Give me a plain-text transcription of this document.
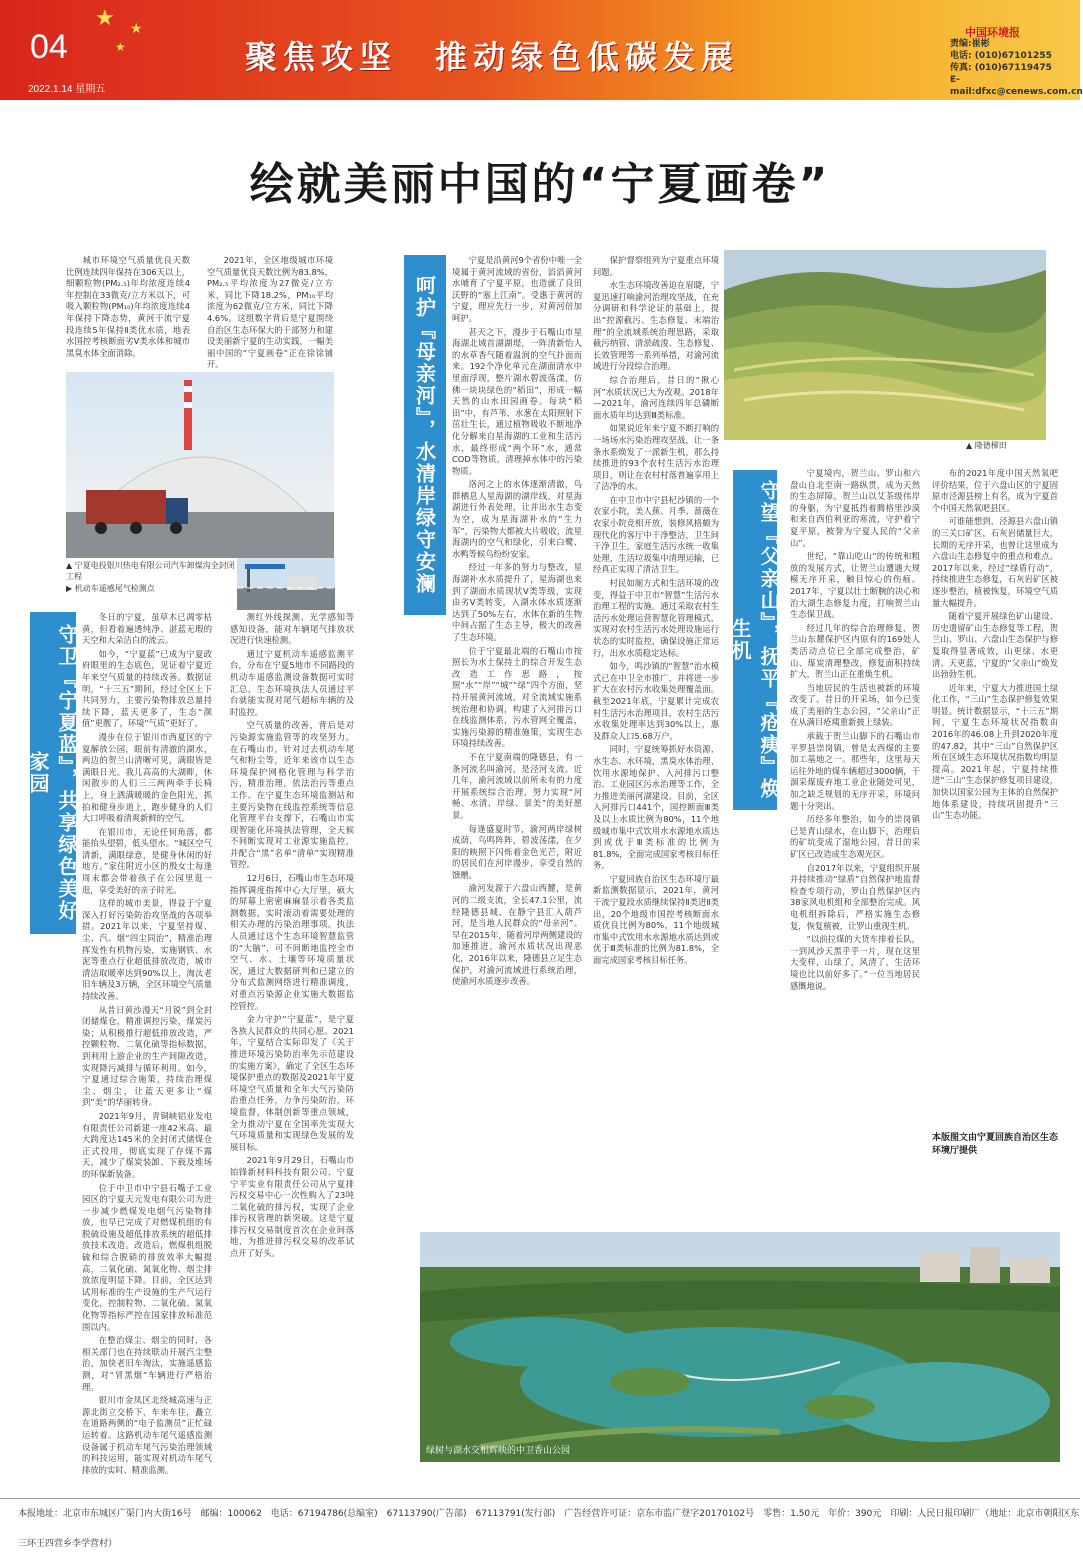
★ ★
★
04
2022.1.14 星期五
聚焦攻坚　推动绿色低碳发展
中国环境报
责编:崔彬
电话: (010)67101255
传真: (010)67119475
E-mail:dfxc@cenews.com.cn
绘就美丽中国的“宁夏画卷”

城市环境空气质量优良天数比例连续四年保持在306天以上，细颗粒物(PM₂.₅)年均浓度连续4年控制在33微克/立方米以下，可吸入颗粒物(PM₁₀)年均浓度连续4年保持下降态势，黄河干流宁夏段连续5年保持Ⅱ类优水质，地表水国控考核断面劣Ⅴ类水体和城市黑臭水体全面消除。

2021年，全区地级城市环境空气质量优良天数比例为83.8%，PM₂.₅平均浓度为27微克/立方米，同比下降18.2%，PM₁₀平均浓度为62微克/立方米，同比下降4.6%。这组数字背后是宁夏围绕自治区生态环保大的干部努力和建设美丽新宁夏的生动实践，一幅美丽中国的“宁夏画卷”正在徐徐铺开。

▲ 宁夏电投银川热电有限公司汽车卸煤沟全封闭工程
▶ 机动车遥感尾气检测点
守卫『宁夏蓝』，共享绿色美好家园

冬日的宁夏，虽草木已凋零枯黄，但看着遍透纯净、湛蓝无瑕的天空和大朵洁白的流云。

如今，“宁夏蓝”已成为宁夏政府眼里的生态底色，见证着宁夏近年来空气质量的持续改善。数据证明，“十三五”期间，经过全区上下共同努力，主要污染物排放总量持续下降，蓝天更多了，生态“颜值”更靓了，环境“气质”更好了。

漫步在位于银川市西夏区的宁夏解放公园，眼前有清澈的湖水，两边的贺兰山清晰可见，满眼皆是满眼日光。我儿高高的大湖畔，休闲散步的人们三三两两牵手长椅上，身上洒满暖暖的金色阳光，抓拍和健身步道上，跑步健身的人们大口呼吸着清爽新鲜的空气。

在银川市，无论任何角落，都能抬头望碧，低头望水。“城区空气清新，满眼绿意，是健身休闲的好地方。”家住附近小区的殷女士每逢周末都会带着孩子在公园里逛一逛，享受美好的亲子时光。

这样的城市美景，得益于宁夏深入打好污染防治攻坚战的各项举措。2021年以来，宁夏坚持煤、尘、汽、烟“四尘同治”，精准治理挥发性有机物污染，实施钢铁、水泥等重点行业超低排放改造，城市清洁取暖率达到90%以上，淘汰老旧车辆及3万辆，全区环境空气质量持续改善。

从昔日黄沙漫天“月锐”到全封闭储煤仓，精准调控污染，煤炭污染；从积极推行超低排放改造，严控颗粒物、二氧化硫等指标数据，到利用上游企业的生产间隙改造，实现降污减排与循环利用。如今，宁夏通过综合施策，持续治理煤尘、烟尘，让蓝天更多让“煤到”美“的华丽转身。

2021年9月，青铜峡铝业发电有限责任公司新建一座42米高、最大跨度达145米的全封闭式储煤仓正式投用，彻底实现了存煤不露天，减少了煤炭装卸、下载及堆场的环保新装备。

位于中卫市中宁县石嘴子工业园区的宁夏天元发电有限公司为进一步减少燃煤发电烟气污染物排放，也早已完成了对燃煤机组的有脱硫设施及超低排放系统的超低排放技术改造。改造后，燃煤机组脱硫和综合脱硝的排放效率大幅提高，二氧化硫、氮氧化物、烟尘排放浓度明显下降。目前，全区达到试用标准的生产设施的生产气运行变化，控制粒物、二氧化硫、氮氧化物等指标严控在国家排放标准范围以内。

在整治煤尘、烟尘的同时，各相关部门也在持续联动开展汽尘整治，加快老旧车淘汰，实施遥感监测，对“冒黑烟”车辆进行严格治理。

银川市金凤区北绕城高速与正源北街立交桥下，车来车往，矗立在道路两侧的“电子监测员”正忙碌运转着。这路机动车尾气遥感监测设备属于机动车尾气污染治理领域的科技运用，能实现对机动车尾气排放的实时、精准监测。

测红外线探测、光学感知等感知设备，能对车辆尾气排放状况进行快速检测。

通过宁夏机动车遥感监测平台，分布在宁夏5地市不同路段的机动车遥感监测设备数据可实时汇总，生态环境执法人员通过平台就能实现对尾气超标车辆的及时监控。

空气质量的改善，背后是对污染源实施监管等的攻坚努力。在石嘴山市，针对过去机动车尾气和粉尘等，近年来该市以生态环境保护网格化管理与科学治污，精准治理，依法治污等重点工作。在宁夏生态环境监测站和主要污染物在线监控系统等信息化管理平台支撑下，石嘴山市实现智能化环境执法管理，全天候不间断实现对工业源实施监控，并配合“黑”名单“清单”实现精准管控。

12月6日，石嘴山市生态环境指挥调度指挥中心大厅里，硕大的屏幕上密密麻麻显示着各类监测数据，实时滚动着需要处理的相关办理的污染治理事项。执法人员通过这个生态环境智慧监管的“大脑”，可不间断地监控全市空气、水、土壤等环境质量状况，通过大数据研判和已建立的分布式监测网络进行精准调度，对重点污染源企业实施大数据监控管控。

金力守护“宁夏蓝”，是宁夏各族人民群众的共同心愿。2021年，宁夏结合实际印发了《关于推进环境污染防治率先示范建设的实施方案》，确定了全区生态环境保护重点的数据及2021年宁夏环境空气质量和全年大气污染防治重点任务，力争污染防治，环境监督，体制创新等重点领域，全力推动宁夏在全国率先实现大气环境质量和实现绿色发展的发展目标。

2021年9月29日，石嘴山市铂锋新材料科技有限公司、宁夏宁平实业有限责任公司从宁夏排污权交易中心一次性购入了23吨二氧化硫的排污权，实现了企业排污权管理的新突破。这是宁夏排污权交易制度首次在企业间落地，为推进排污权交易的改革试点开了好头。

呵护『母亲河』，水清岸绿守安澜

宁夏是沿黄河9个省份中唯一全境属于黄河流域的省份，滔滔黄河水哺育了宁夏平原，也造就了良田沃野的“塞上江南”。受惠于黄河的宁夏，理应先行一步，对黄河倍加呵护。

甚天之下，漫步于石嘴山市星海湖北域首湖湖堤，一阵清新怡人的水草香气随着温润的空气扑面而来。192个净化单元在湖面清水中里面浮现，整片湖水碧波荡漾，仿佛一块块绿色的“稻田”，形成一幅天然的山水田园画卷。每块“稻田”中，有芦苇、水葱在太阳照射下茁壮生长，通过植物吸收不断地净化分解来自星海湖的工业和生活污水，最终形成“两个环”水，通常COD等物质，清理掉水体中的污染物质。

洛河之上的水体逐渐清澈，鸟群栖息人星海湖的湖岸线，对星海湖进行外表处理，让并出水生态变为空，成为星海湖补水的“生力军”，污染物大都被大片吸收，流星海湖内的空气和绿化，引来白鹭、水鸭等候鸟纷纷安家。

经过一年多的努力与整改，星海湖补水水质提升了，星海湖也来到了湖面水质现状V类等级，实现由劣V类转变，入湖水体水质逐渐达到了50%左右，水体在新的生物中间占据了生态主导，极大的改善了生态环境。

位于宁夏最北端的石嘴山市按照长为水土保持土的综合开发生态改造工作思路，按照“水”“岸”“城”“绿”四个方面，坚持开展黄河流域，对全流域实施系统治理和协调，构建了入河排污口在线监测体系，污水管网全覆盖，实施污染源的精准施策，实现生态环境持续改善。

不在宁夏南端的隆德县，有一条河流名叫渝河，是泾河支流。近几年，渝河流域以前所未有的力度开展系统综合治理，努力实现“河畅、水清、岸绿、景美”的美好愿景。

每逢盛夏时节，渝河两岸绿树成荫，鸟鸣阵阵，碧波荡漾，在夕阳的映照下闪烁着金色光芒，附近的居民们在河岸漫步，享受自然的馈赠。

渝河发源于六盘山西麓，是黄河的二级支流，全长47.1公里，流经隆德县城，在静宁县汇入葫芦河，是当地人民群众的“母亲河”。早在2015年，随着河岸两侧建设的加速推进，渝河水质状况出现恶化，2016年以来，隆德县立足生态保护，对渝河流域进行系统治理，使渝河水质逐步改善。

保护督察组列为宁夏重点环境问题。

水生态环境改善迫在眉睫，宁夏迅速打响渝河治理攻坚战，在充分调研和科学论证的基础上，提出“控源截污、生态修复、末端治理”的全流域系统治理思路，采取截污纳管、清淤疏浚、生态修复、长效管理等一系列举措，对渝河流域进行分段综合治理。

综合治理后，昔日的“揪心河”水质状况已大为改观。2018年—2021年，渝河连续四年总磷断面水质年均达到Ⅲ类标准。

如果说近年来宁夏不断打响的一场场水污染治理攻坚战，让一条条水系焕发了一派新生机，那么持续推进的93个农村生活污水治理项目，则让在农村村落普遍享用上了洁净的水。

在中卫市中宁县杞沙镇的一个农家小院，美人蕉、月季、蔷薇在农家小院竞相开放，装修风格颇为现代化的客厅中干净整洁，卫生间干净卫生，家庭生活污水统一收集处理，生活垃圾集中清理运输，已经真正实现了清洁卫生。

村民如厕方式和生活环境的改变，得益于中卫市“智慧”生活污水治理工程的实施。通过采取农村生活污水处理运营智慧化管理模式，实现对农村生活污水处理设施运行状态的实时监控，确保设施正常运行，出水水质稳定达标。

如今，鸣沙镇的“智慧”治水模式已在中卫全市推广，并将进一步扩大在农村污水收集处理覆盖面。截至2021年底，宁夏累计完成农村生活污水治理项目，农村生活污水收集处理率达到30%以上，惠及群众人口5.68万户。

同时，宁夏统筹抓好水资源、水生态、水环境，黑臭水体治理、饮用水源地保护、入河排污口整治、工业园区污水治理等工作，全力推进美丽河湖建设。目前，全区入河排污口441个，国控断面Ⅲ类及以上水质比例为80%，11个地级城市集中式饮用水水源地水质达到或优于Ⅲ类标准的比例为81.8%，全面完成国家考核目标任务。

宁夏回族自治区生态环境厅最新监测数据显示，2021年，黄河干流宁夏段水质继续保持Ⅱ类进Ⅱ类出，20个地级市国控考核断面水质优良比例为80%，11个地级城市集中式饮用水水源地水质达到或优于Ⅲ类标准的比例为81.8%，全面完成国家考核目标任务。

▲ 隆德梯田
守望『父亲山』，抚平『疮痍』焕生机

宁夏境内，贺兰山、罗山和六盘山自北至南一路纵贯，成为天然的生态屏障。贺兰山以艾茶级伟岸的身躯，为宁夏抵挡着腾格里沙漠和来自西伯利亚的寒流，守护着宁夏平原，被誉为宁夏人民的“父亲山”。

世纪，“靠山吃山”的传统和粗放的发展方式，让贺兰山遭遇大规模无序开采，触目惊心的伤痕。2017年，宁夏以壮士断腕的决心和治大湖生态修复力度，打响贺兰山生态保卫战。

经过几年的综合治理修复，贺兰山东麓保护区内原有的169处人类活动点位已全部完成整治，矿山、煤炭清理整改，修复面积持续扩大，贺兰山正在重焕生机。

当地居民的生活也被新的环境改变了。昔日的开采场，如今已变成了美丽的生态公园，“父亲山”正在从满目疮痍重新披上绿装。

承载于贺兰山脚下的石嘴山市平罗县崇岗镇，曾是太西煤的主要加工基地之一。那些年，这里每天运往外地的煤车辆超过3000辆，干涸采煤废弃地工业企业随处可见，加之缺乏规划的无序开采，环境问题十分突出。

历经多年整治，如今的崇岗镇已是青山绿水，在山脚下，治理后的矿坑变成了湿地公园，昔日的采矿区已改造成生态观光区。

自2017年以来，宁夏组织开展并持续推动“绿盾”自然保护地监督检查专项行动，罗山自然保护区内38家风电机组和全部整治完成。风电机组拆除后，严格实施生态修复，恢复植被，让罗山重现生机。

“以前拉煤的大货车排着长队，一到风沙天黑乎乎一片，现在这里大变样，山绿了，风清了，生活环境也比以前好多了。”一位当地居民感慨地说。

布的2021年度中国天然氧吧评价结果，位于六盘山区的宁夏固原市泾源县榜上有名，成为宁夏首个中国天然氧吧县区。

可谁能想到，泾源县六盘山镇的三关口矿区，石灰岩储量巨大，长期的无序开采，也曾让这里成为六盘山生态修复中的重点和难点。2017年以来，经过“绿盾行动”，持续推进生态修复，石灰岩矿区被逐步整治，植被恢复，环境空气质量大幅提升。

随着宁夏开展绿色矿山建设、历史遗留矿山生态修复等工程，贺兰山、罗山、六盘山生态保护与修复取得显著成效，山更绿、水更清、天更蓝，宁夏的“父亲山”焕发出勃勃生机。

近年来，宁夏大力推进国土绿化工作，“三山”生态保护修复效果明显。统计数据显示，“十三五”期间，宁夏生态环境状况指数由2016年的46.08上升到2020年度的47.82，其中“三山”自然保护区所在区域生态环境状况指数均明显提高。2021年起，宁夏持续推进“三山”生态保护修复项目建设，加快以国家公园为主体的自然保护地体系建设，持续巩固提升“三山”生态功能。

本版图文由宁夏回族自治区生态环境厅提供
绿树与湖水交相辉映的中卫香山公园
本报地址：北京市东城区广渠门内大街16号　邮编：100062　电话：67194786(总编室)　67113790(广告部)　67113791(发行部)　广告经营许可证：京东市监广登字20170102号　零售：1.50元　年价：390元　印刷：人民日报印刷厂（地址：北京市朝阳区东三环王四营乡李学营村）
